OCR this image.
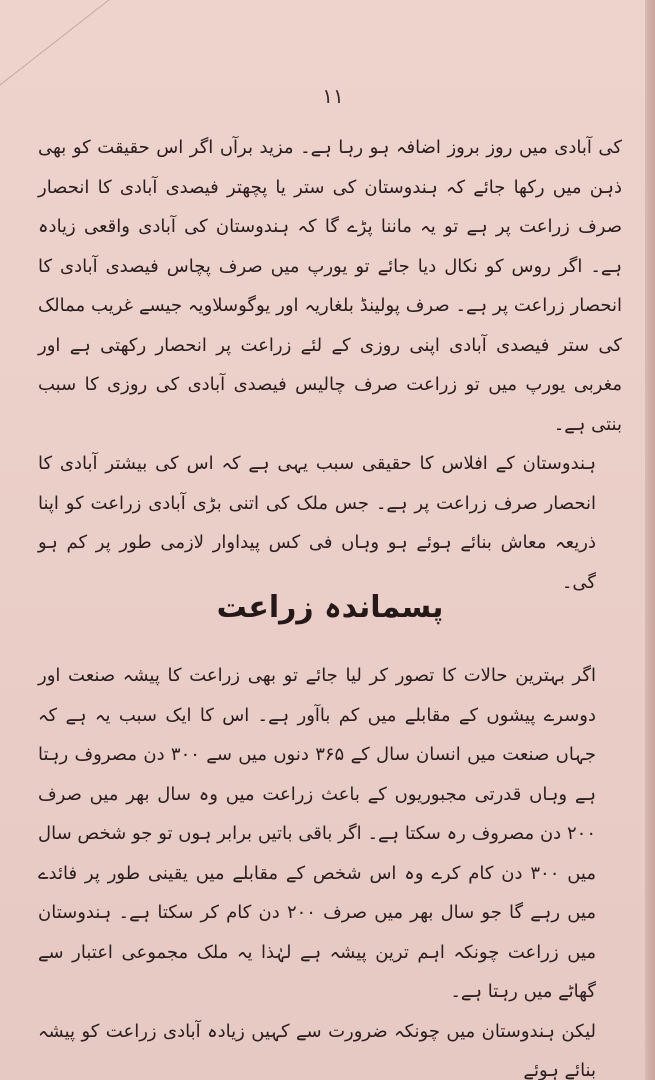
۱۱

کی آبادی میں روز بروز اضافہ ہو رہا ہے۔ مزید برآں اگر اس حقیقت کو بھی ذہن میں رکھا جائے کہ ہندوستان کی ستر یا پچھتر فیصدی آبادی کا انحصار صرف زراعت پر ہے تو یہ ماننا پڑے گا کہ ہندوستان کی آبادی واقعی زیادہ ہے۔ اگر روس کو نکال دیا جائے تو یورپ میں صرف پچاس فیصدی آبادی کا انحصار زراعت پر ہے۔ صرف پولینڈ بلغاریہ اور یوگوسلاویہ جیسے غریب ممالک کی ستر فیصدی آبادی اپنی روزی کے لئے زراعت پر انحصار رکھتی ہے اور مغربی یورپ میں تو زراعت صرف چالیس فیصدی آبادی کی روزی کا سبب بنتی ہے۔

ہندوستان کے افلاس کا حقیقی سبب یہی ہے کہ اس کی بیشتر آبادی کا انحصار صرف زراعت پر ہے۔ جس ملک کی اتنی بڑی آبادی زراعت کو اپنا ذریعہ معاش بنائے ہوئے ہو وہاں فی کس پیداوار لازمی طور پر کم ہو گی۔

پسماندہ زراعت

اگر بہترین حالات کا تصور کر لیا جائے تو بھی زراعت کا پیشہ صنعت اور دوسرے پیشوں کے مقابلے میں کم باآور ہے۔ اس کا ایک سبب یہ ہے کہ جہاں صنعت میں انسان سال کے ۳۶۵ دنوں میں سے ۳۰۰ دن مصروف رہتا ہے وہاں قدرتی مجبوریوں کے باعث زراعت میں وہ سال بھر میں صرف ۲۰۰ دن مصروف رہ سکتا ہے۔ اگر باقی باتیں برابر ہوں تو جو شخص سال میں ۳۰۰ دن کام کرے وہ اس شخص کے مقابلے میں یقینی طور پر فائدے میں رہے گا جو سال بھر میں صرف ۲۰۰ دن کام کر سکتا ہے۔ ہندوستان میں زراعت چونکہ اہم ترین پیشہ ہے لہٰذا یہ ملک مجموعی اعتبار سے گھاٹے میں رہتا ہے۔

لیکن ہندوستان میں چونکہ ضرورت سے کہیں زیادہ آبادی زراعت کو پیشہ بنائے ہوئے
